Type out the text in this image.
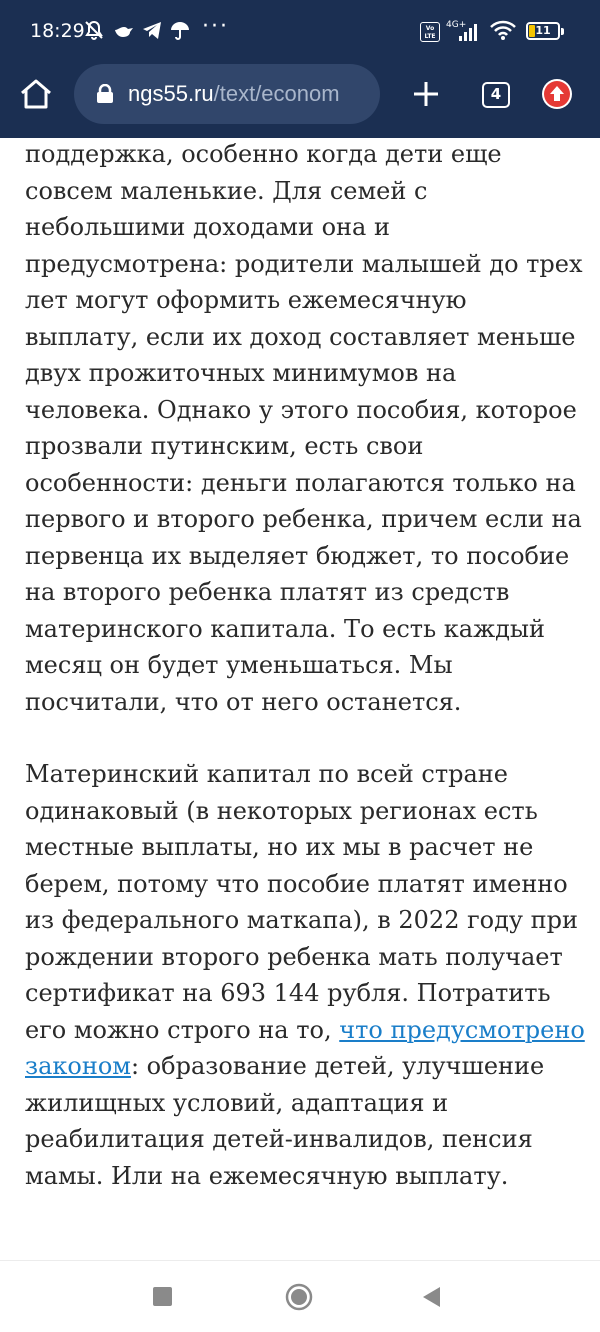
18:29	···	Vo LTE
4G+	11
ngs55.ru/text/econom	4

поддержка, особенно когда дети еще совсем маленькие. Для семей с небольшими доходами она и предусмотрена: родители малышей до трех лет могут оформить ежемесячную выплату, если их доход составляет меньше двух прожиточных минимумов на человека. Однако у этого пособия, которое прозвали путинским, есть свои особенности: деньги полагаются только на первого и второго ребенка, причем если на первенца их выделяет бюджет, то пособие на второго ребенка платят из средств материнского капитала. То есть каждый месяц он будет уменьшаться. Мы посчитали, что от него останется.

Материнский капитал по всей стране одинаковый (в некоторых регионах есть местные выплаты, но их мы в расчет не берем, потому что пособие платят именно из федерального маткапа), в 2022 году при рождении второго ребенка мать получает сертификат на 693 144 рубля. Потратить его можно строго на то, что предусмотрено законом: образование детей, улучшение жилищных условий, адаптация и реабилитация детей-инвалидов, пенсия мамы. Или на ежемесячную выплату.
